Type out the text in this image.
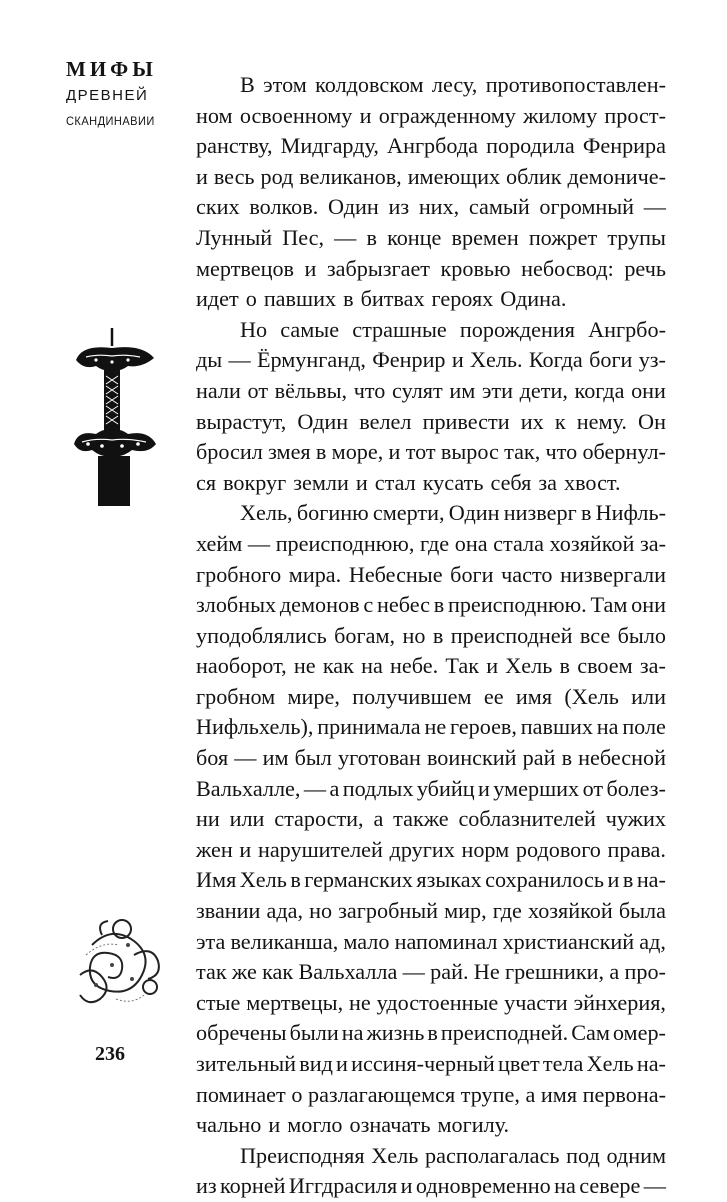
МИФЫ
ДРЕВНЕЙ
СКАНДИНАВИИ
236
В этом колдовском лесу, противопоставлен-
ном освоенному и огражденному жилому прост-
ранству, Мидгарду, Ангрбода породила Фенрира
и весь род великанов, имеющих облик демониче-
ских волков. Один из них, самый огромный —
Лунный Пес, — в конце времен пожрет трупы
мертвецов и забрызгает кровью небосвод: речь
идет о павших в битвах героях Одина.
Но самые страшные порождения Ангрбо-
ды — Ёрмунганд, Фенрир и Хель. Когда боги уз-
нали от вёльвы, что сулят им эти дети, когда они
вырастут, Один велел привести их к нему. Он
бросил змея в море, и тот вырос так, что обернул-
ся вокруг земли и стал кусать себя за хвост.
Хель, богиню смерти, Один низверг в Нифль-
хейм — преисподнюю, где она стала хозяйкой за-
гробного мира. Небесные боги часто низвергали
злобных демонов с небес в преисподнюю. Там они
уподоблялись богам, но в преисподней все было
наоборот, не как на небе. Так и Хель в своем за-
гробном мире, получившем ее имя (Хель или
Нифльхель), принимала не героев, павших на поле
боя — им был уготован воинский рай в небесной
Вальхалле, — а подлых убийц и умерших от болез-
ни или старости, а также соблазнителей чужих
жен и нарушителей других норм родового права.
Имя Хель в германских языках сохранилось и в на-
звании ада, но загробный мир, где хозяйкой была
эта великанша, мало напоминал христианский ад,
так же как Вальхалла — рай. Не грешники, а про-
стые мертвецы, не удостоенные участи эйнхерия,
обречены были на жизнь в преисподней. Сам омер-
зительный вид и иссиня-черный цвет тела Хель на-
поминает о разлагающемся трупе, а имя первона-
чально и могло означать могилу.
Преисподняя Хель располагалась под одним
из корней Иггдрасиля и одновременно на севере —
